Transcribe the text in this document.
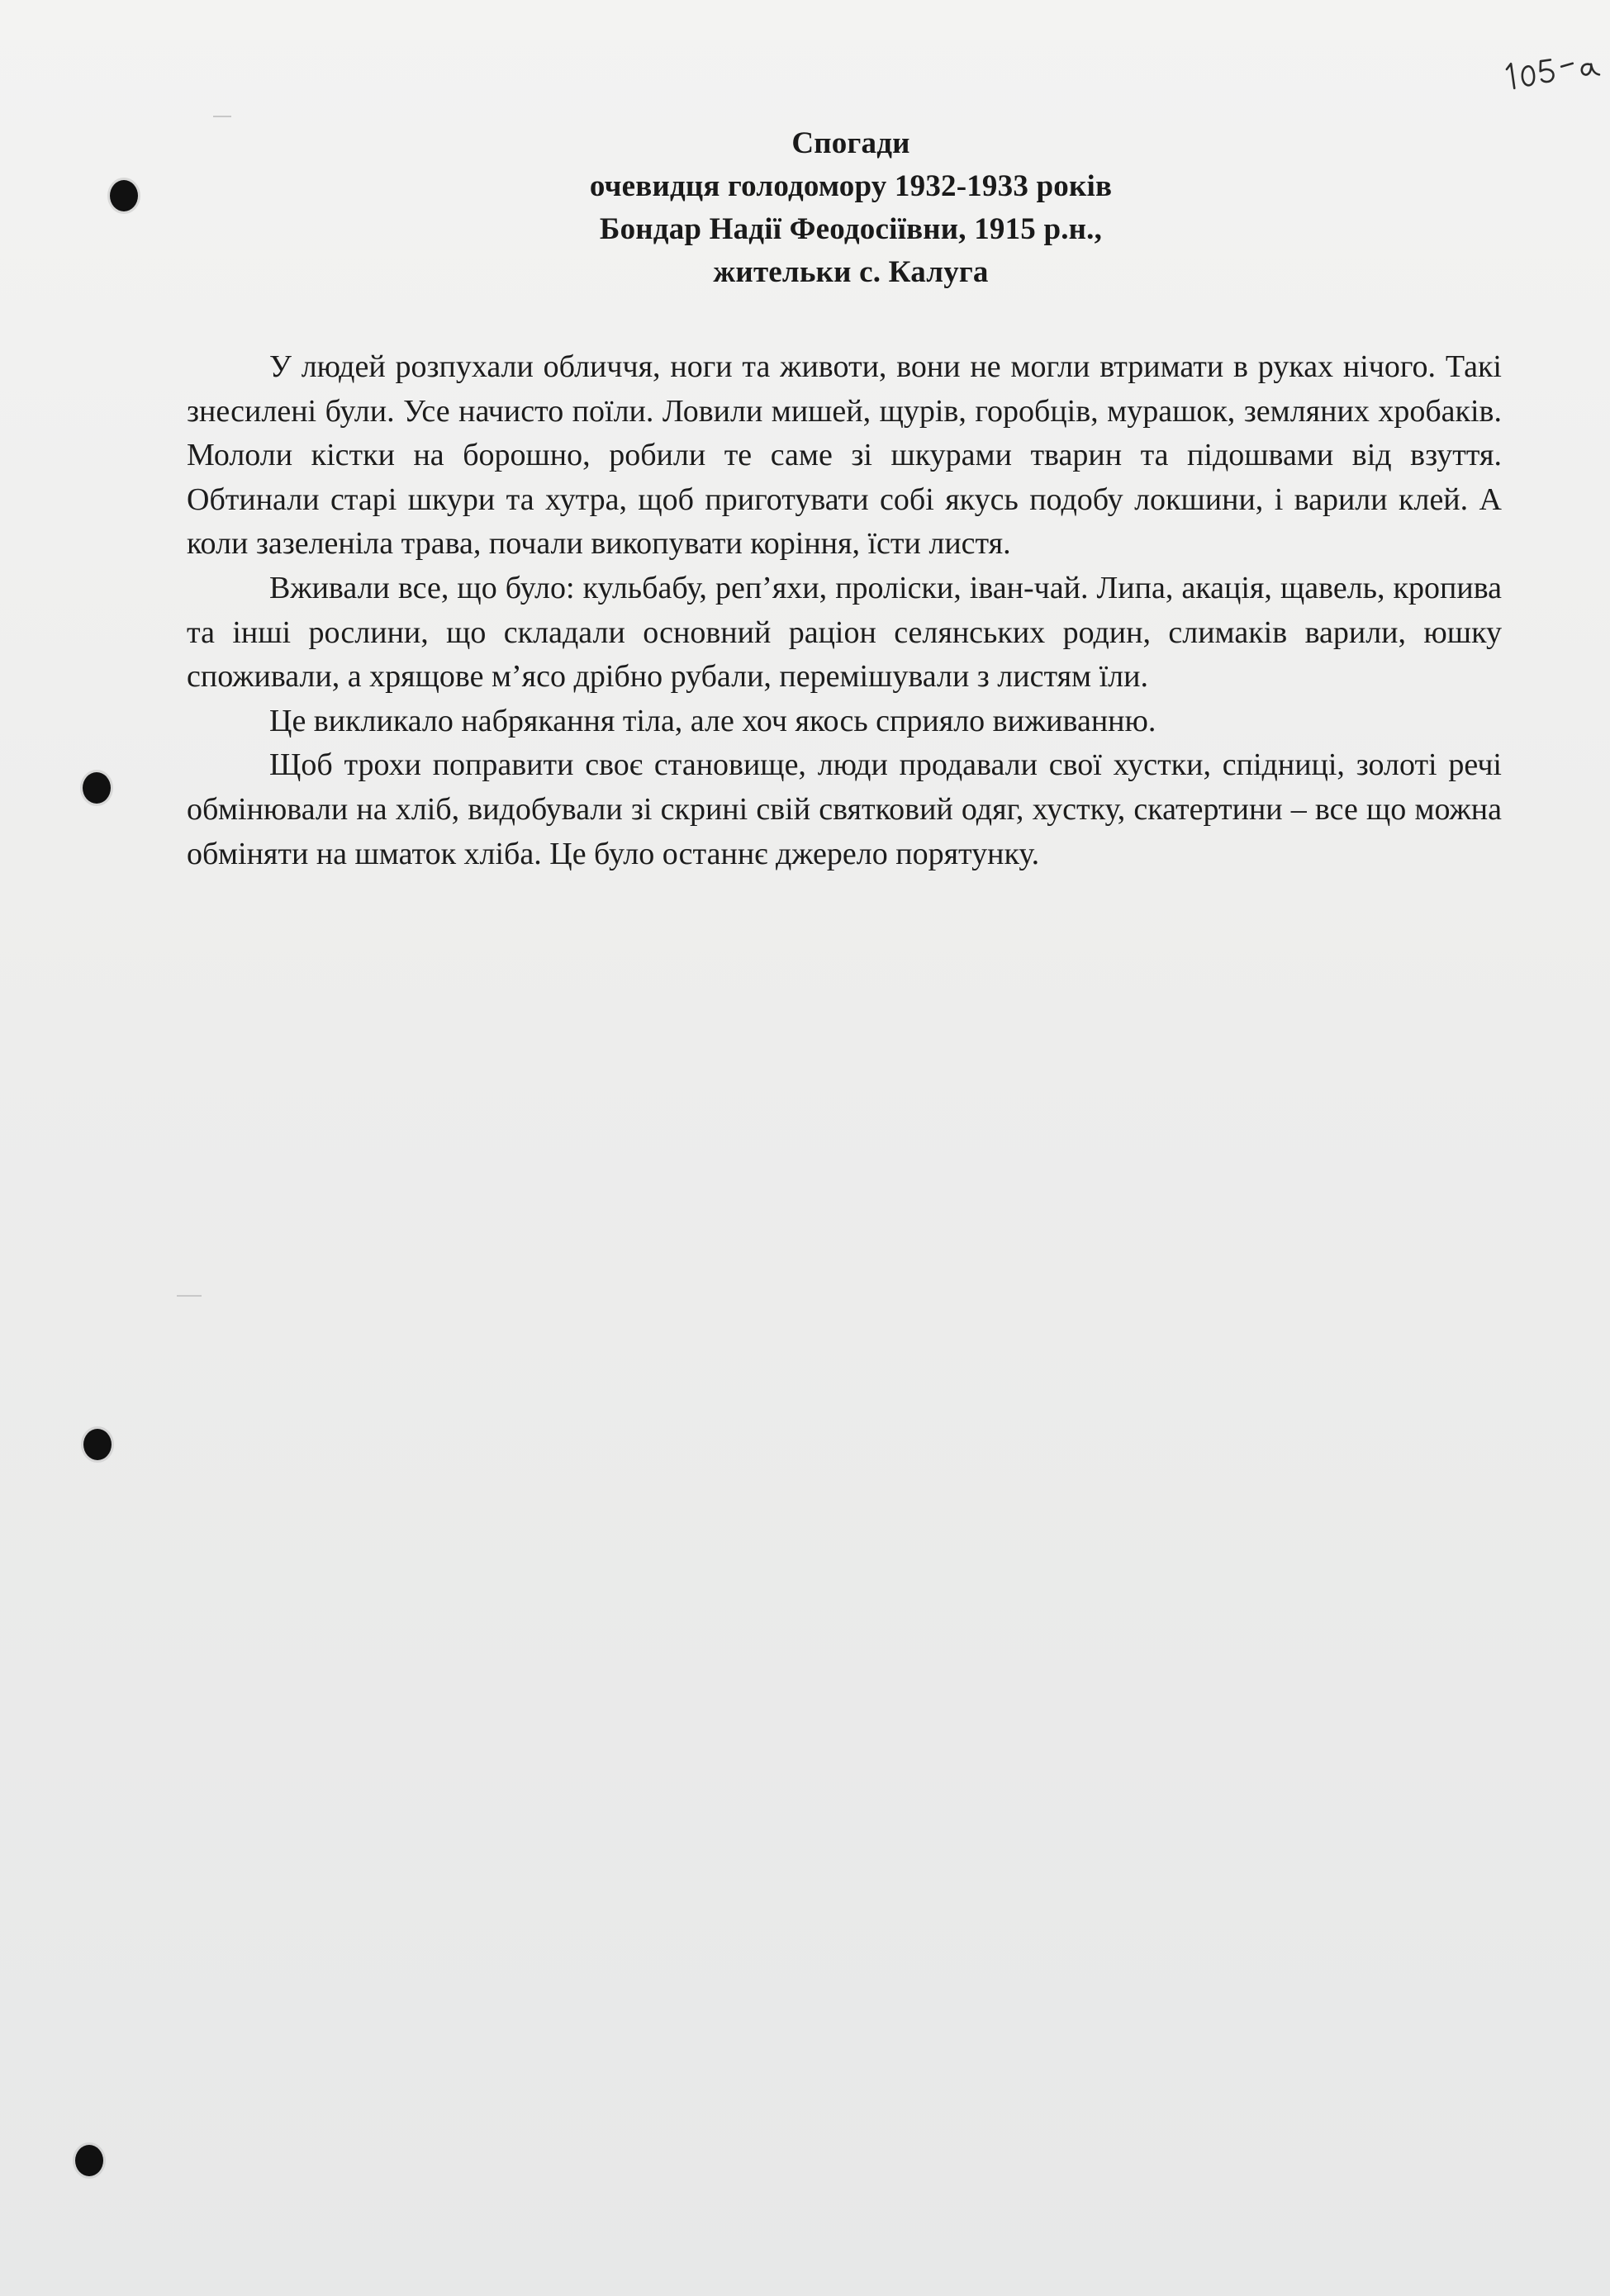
Спогади
очевидця голодомору 1932-1933 років
Бондар Надії Феодосіївни, 1915 р.н.,
жительки с. Калуга

У людей розпухали обличчя, ноги та животи, вони не могли втримати в руках нічого. Такі знесилені були. Усе начисто поїли. Ловили мишей, щурів, горобців, мурашок, земляних хробаків. Мололи кістки на борошно, робили те саме зі шкурами тварин та підошвами від взуття. Обтинали старі шкури та хутра, щоб приготувати собі якусь подобу локшини, і варили клей. А коли зазеленіла трава, почали викопувати коріння, їсти листя.

Вживали все, що було: кульбабу, реп’яхи, проліски, іван-чай. Липа, акація, щавель, кропива та інші рослини, що складали основний раціон селянських родин, слимаків варили, юшку споживали, а хрящове м’ясо дрібно рубали, перемішували з листям їли.

Це викликало набрякання тіла, але хоч якось сприяло виживанню.

Щоб трохи поправити своє становище, люди продавали свої хустки, спідниці, золоті речі обмінювали на хліб, видобували зі скрині свій святковий одяг, хустку, скатертини – все що можна обміняти на шматок хліба. Це було останнє джерело порятунку.
